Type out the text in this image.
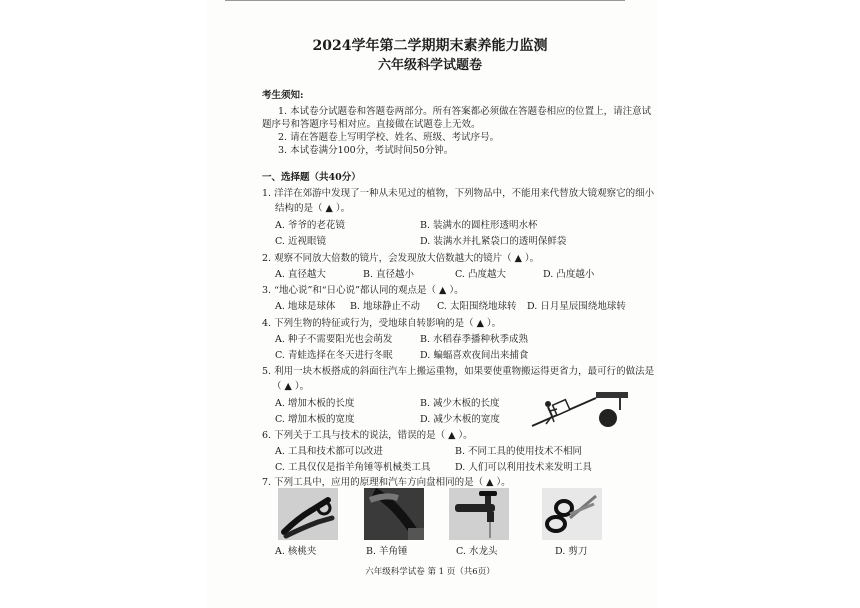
2024学年第二学期期末素养能力监测
六年级科学试题卷
考生须知:
1. 本试卷分试题卷和答题卷两部分。所有答案都必须做在答题卷相应的位置上，请注意试
题序号和答题序号相对应。直接做在试题卷上无效。
2. 请在答题卷上写明学校、姓名、班级、考试序号。
3. 本试卷满分100分，考试时间50分钟。
一、选择题（共40分）
1. 洋洋在郊游中发现了一种从未见过的植物，下列物品中，不能用来代替放大镜观察它的细小
结构的是（ ▲ ）。
A. 爷爷的老花镜	B. 装满水的圆柱形透明水杯
C. 近视眼镜	D. 装满水并扎紧袋口的透明保鲜袋
2. 观察不同放大倍数的镜片，会发现放大倍数越大的镜片（ ▲ ）。
A. 直径越大	B. 直径越小	C. 凸度越大	D. 凸度越小
3. “地心说”和“日心说”都认同的观点是（ ▲ ）。
A. 地球是球体 B. 地球静止不动 C. 太阳围绕地球转 D. 日月星辰围绕地球转
4. 下列生物的特征或行为，受地球自转影响的是（ ▲ ）。
A. 种子不需要阳光也会萌发	B. 水稻春季播种秋季成熟
C. 青蛙选择在冬天进行冬眠	D. 蝙蝠喜欢夜间出来捕食
5. 利用一块木板搭成的斜面往汽车上搬运重物，如果要使重物搬运得更省力，最可行的做法是
（ ▲ ）。
A. 增加木板的长度	B. 减少木板的长度
C. 增加木板的宽度	D. 减少木板的宽度
6. 下列关于工具与技术的说法，错误的是（ ▲ ）。
A. 工具和技术都可以改进	B. 不同工具的使用技术不相同
C. 工具仅仅是指羊角锤等机械类工具	D. 人们可以利用技术来发明工具
7. 下列工具中，应用的原理和汽车方向盘相同的是（ ▲ ）。
A. 核桃夹	B. 羊角锤	C. 水龙头	D. 剪刀
六年级科学试卷 第 1 页（共6页）
